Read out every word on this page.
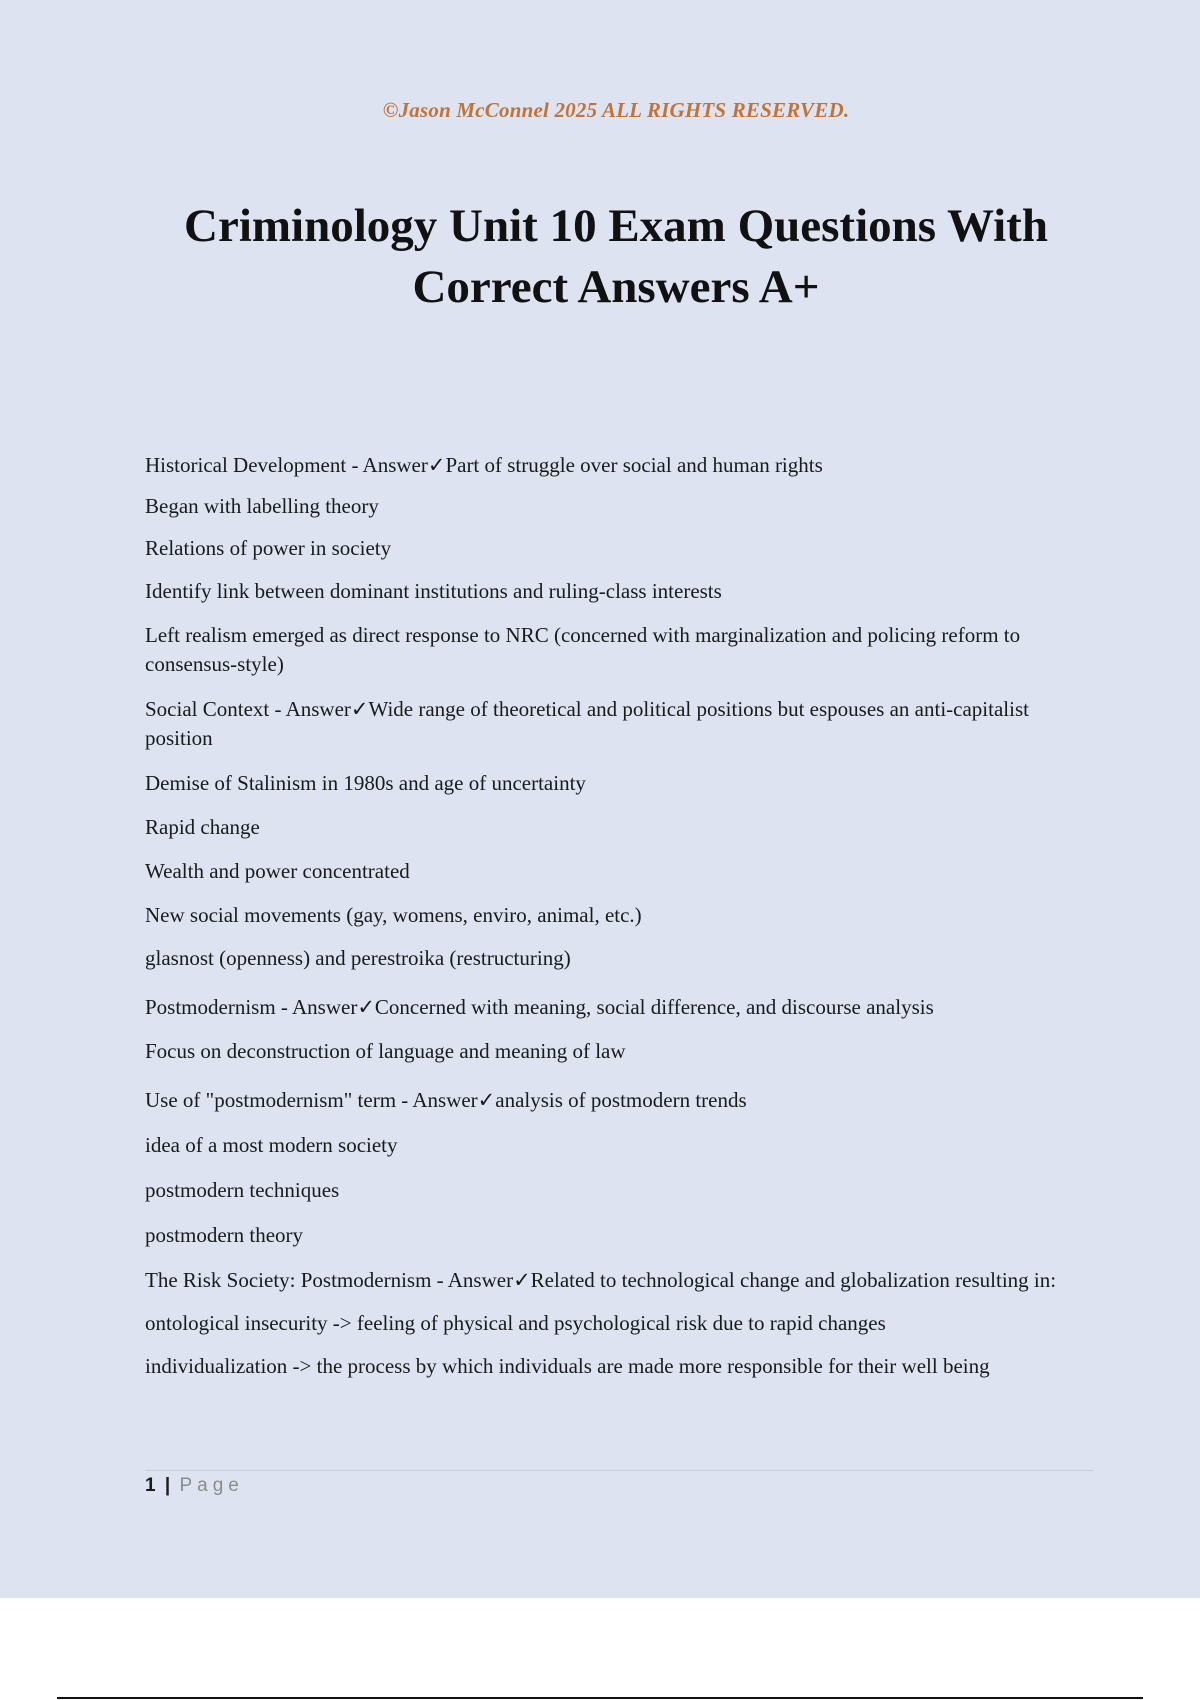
©Jason McConnel 2025 ALL RIGHTS RESERVED.
Criminology Unit 10 Exam Questions With Correct Answers A+

Historical Development - Answer✓Part of struggle over social and human rights

Began with labelling theory

Relations of power in society

Identify link between dominant institutions and ruling-class interests

Left realism emerged as direct response to NRC (concerned with marginalization and policing reform to consensus-style)

Social Context - Answer✓Wide range of theoretical and political positions but espouses an anti-capitalist position

Demise of Stalinism in 1980s and age of uncertainty

Rapid change

Wealth and power concentrated

New social movements (gay, womens, enviro, animal, etc.)

glasnost (openness) and perestroika (restructuring)

Postmodernism - Answer✓Concerned with meaning, social difference, and discourse analysis

Focus on deconstruction of language and meaning of law

Use of "postmodernism" term - Answer✓analysis of postmodern trends

idea of a most modern society

postmodern techniques

postmodern theory

The Risk Society: Postmodernism - Answer✓Related to technological change and globalization resulting in:

ontological insecurity -> feeling of physical and psychological risk due to rapid changes

individualization -> the process by which individuals are made more responsible for their well being

1 | Page
